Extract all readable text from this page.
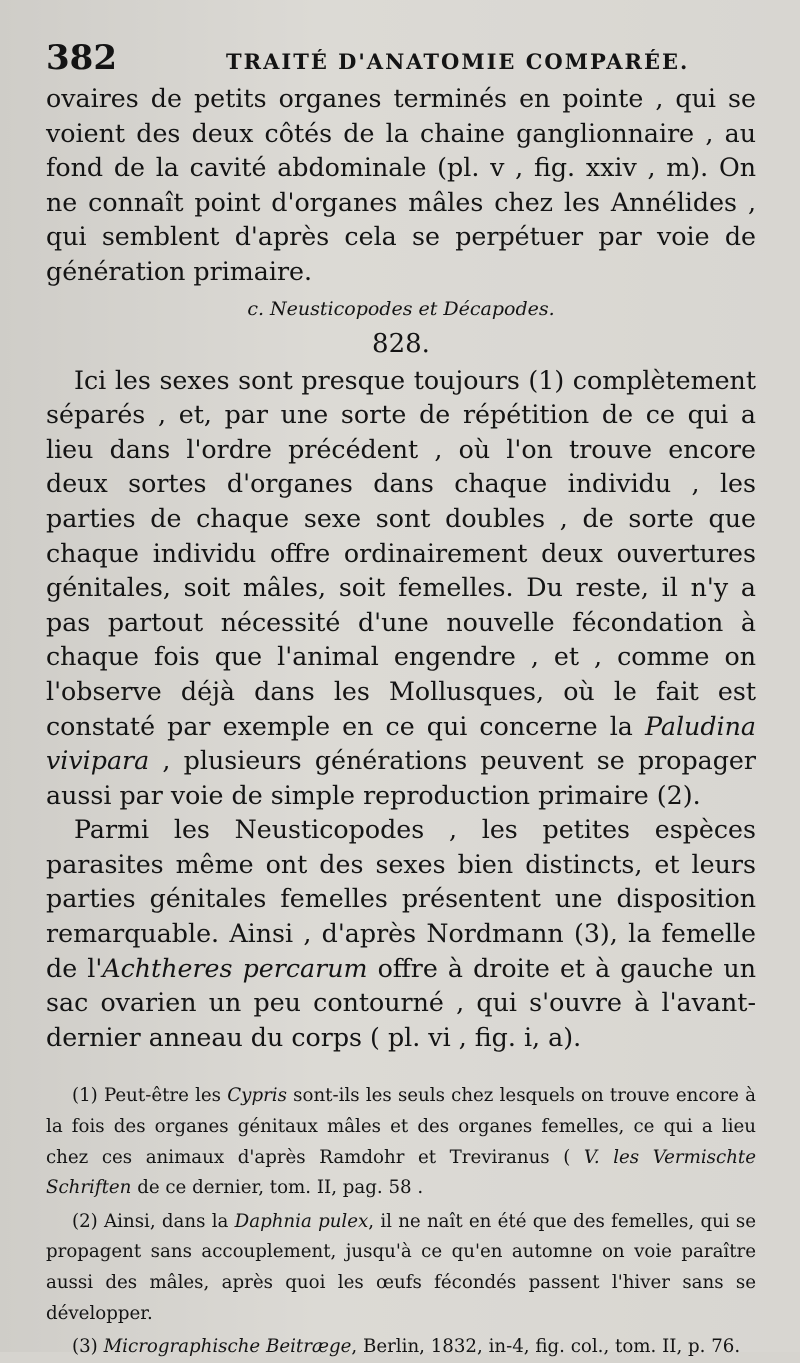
382	TRAITÉ D'ANATOMIE COMPARÉE.

ovaires de petits organes terminés en pointe , qui se voient des deux côtés de la chaine ganglionnaire , au fond de la cavité abdominale (pl. v , fig. xxiv , m). On ne connaît point d'organes mâles chez les Annélides , qui semblent d'après cela se perpétuer par voie de génération primaire.

c. Neusticopodes et Décapodes.
828.

Ici les sexes sont presque toujours (1) complètement séparés , et, par une sorte de répétition de ce qui a lieu dans l'ordre précédent , où l'on trouve encore deux sortes d'organes dans chaque individu , les parties de chaque sexe sont doubles , de sorte que chaque individu offre ordinairement deux ouvertures génitales, soit mâles, soit femelles. Du reste, il n'y a pas partout nécessité d'une nouvelle fécondation à chaque fois que l'animal engendre , et , comme on l'observe déjà dans les Mollusques, où le fait est constaté par exemple en ce qui concerne la Paludina vivipara , plusieurs générations peuvent se propager aussi par voie de simple reproduction primaire (2).

Parmi les Neusticopodes , les petites espèces parasites même ont des sexes bien distincts, et leurs parties génitales femelles présentent une disposition remarquable. Ainsi , d'après Nordmann (3), la femelle de l'Achtheres percarum offre à droite et à gauche un sac ovarien un peu contourné , qui s'ouvre à l'avant-dernier anneau du corps ( pl. vi , fig. i, a).

(1) Peut-être les Cypris sont-ils les seuls chez lesquels on trouve encore à la fois des organes génitaux mâles et des organes femelles, ce qui a lieu chez ces animaux d'après Ramdohr et Treviranus ( V. les Vermischte Schriften de ce dernier, tom. II, pag. 58 .

(2) Ainsi, dans la Daphnia pulex, il ne naît en été que des femelles, qui se propagent sans accouplement, jusqu'à ce qu'en automne on voie paraître aussi des mâles, après quoi les œufs fécondés passent l'hiver sans se développer.

(3) Micrographische Beitræge, Berlin, 1832, in-4, fig. col., tom. II, p. 76.
